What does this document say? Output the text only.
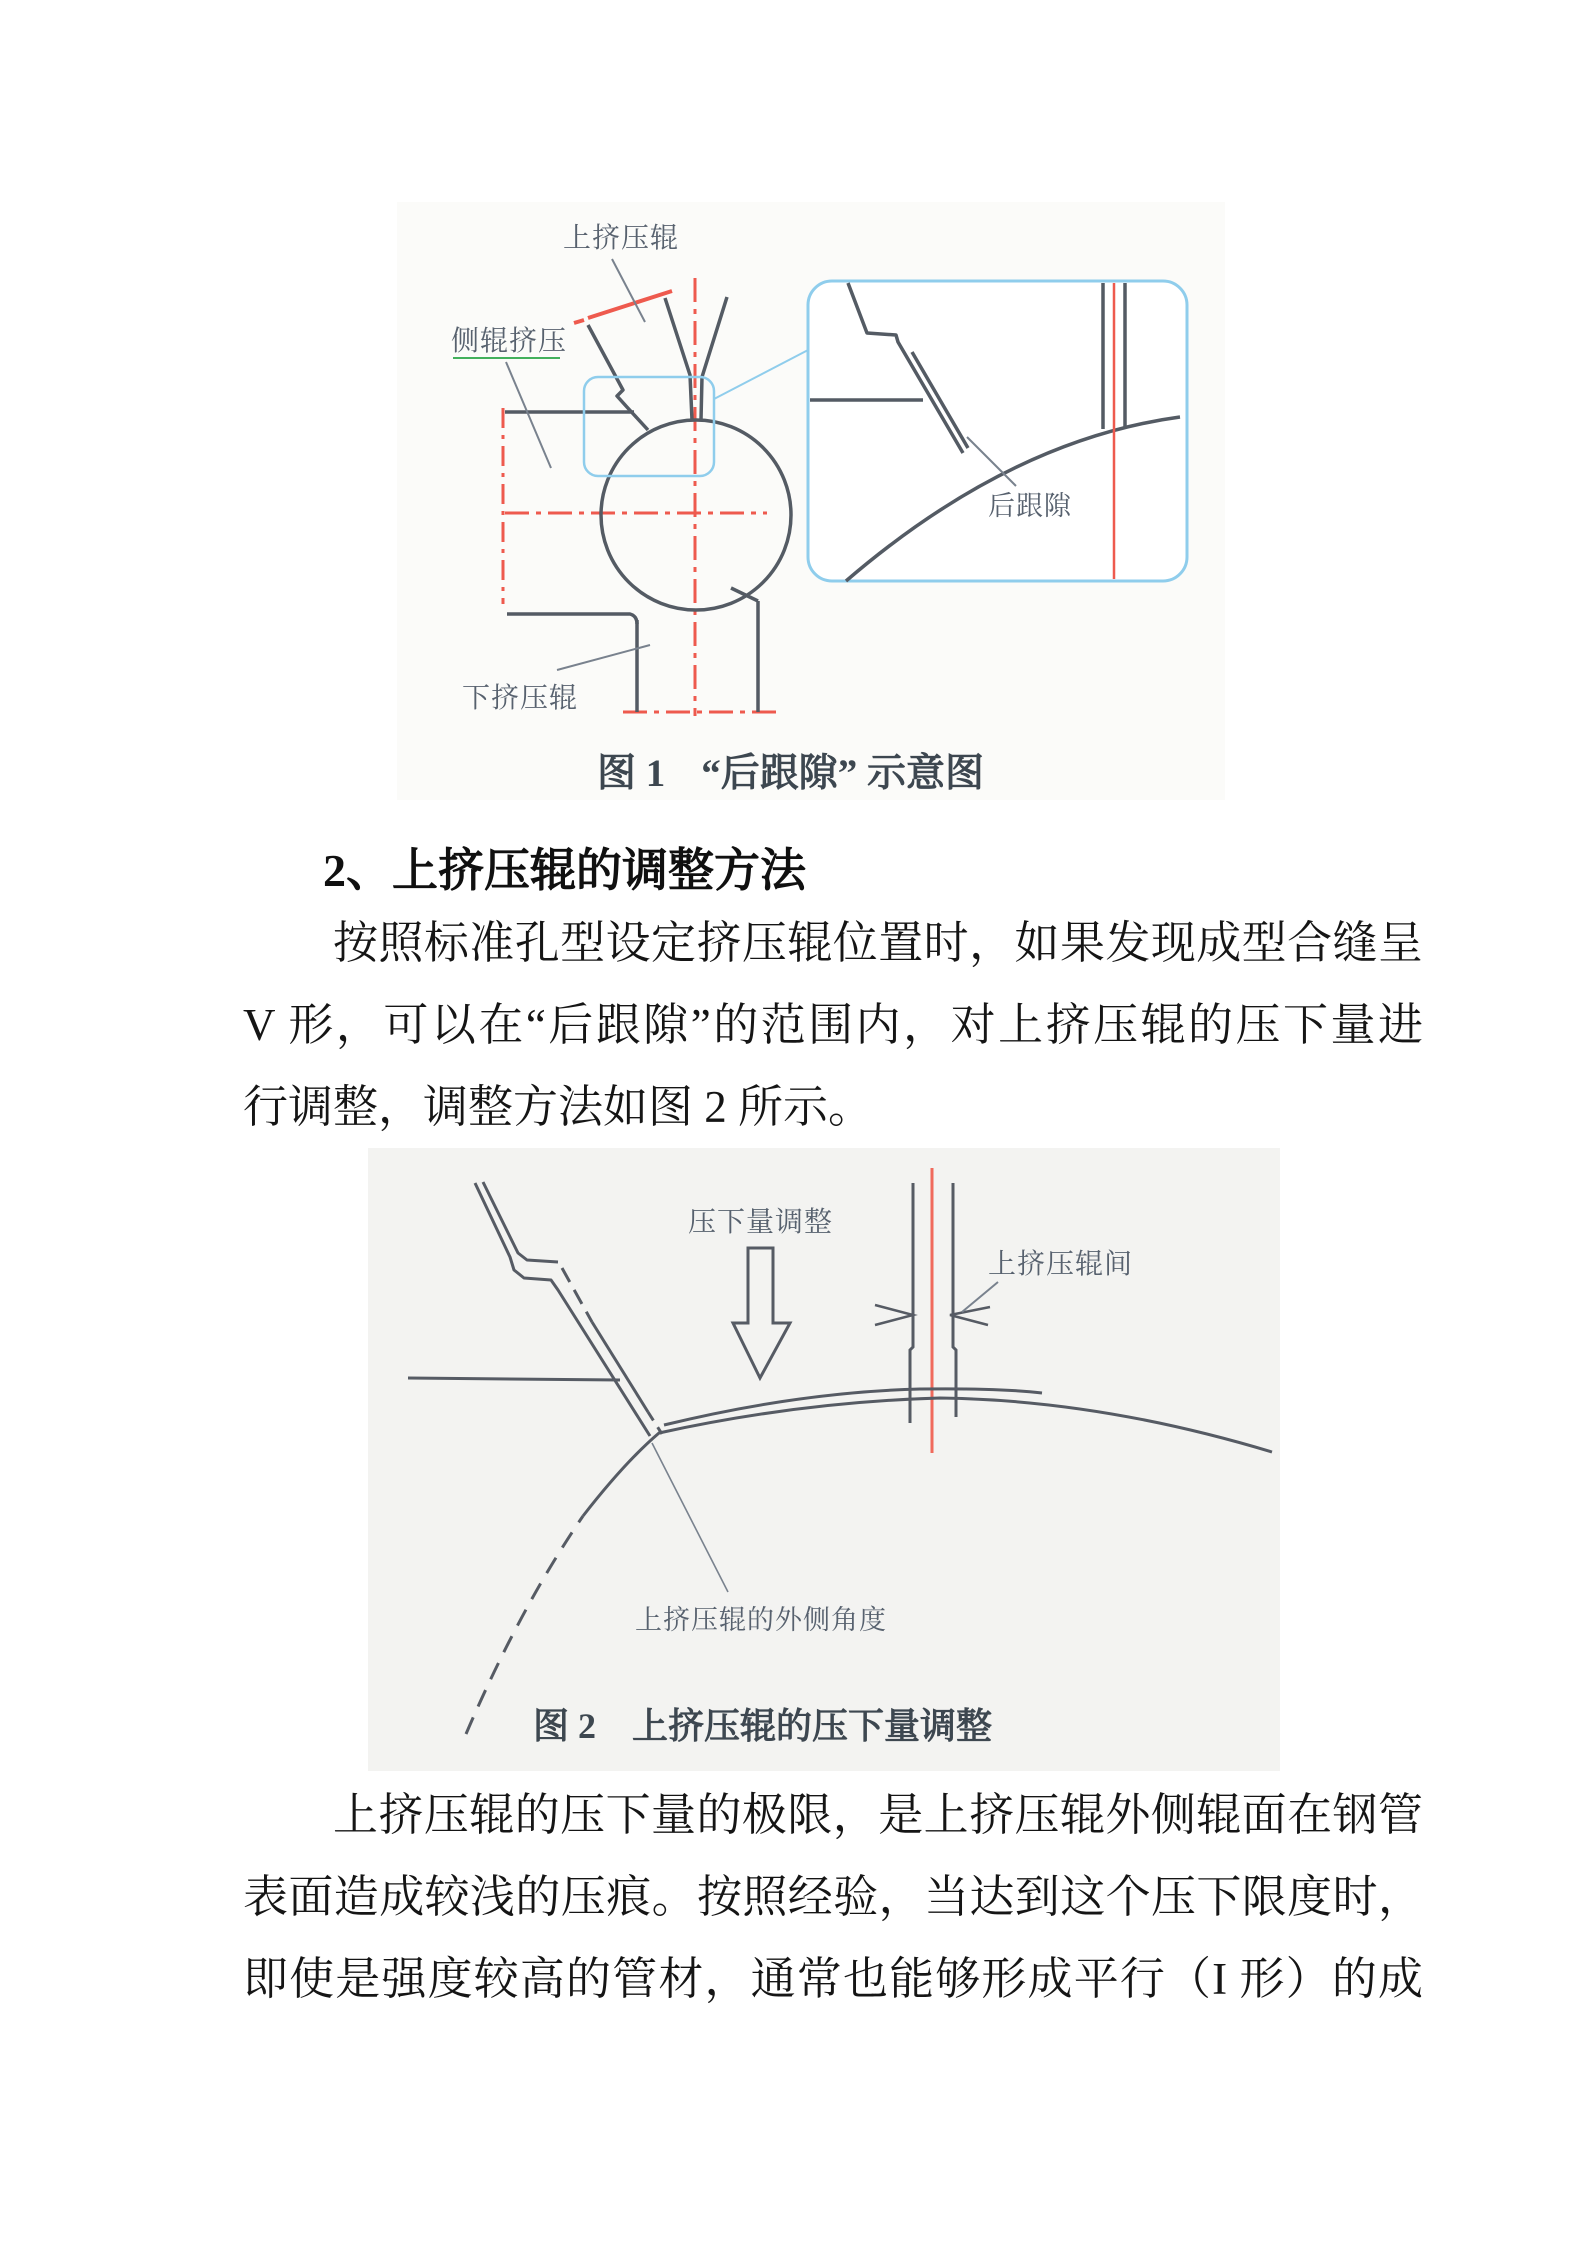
上挤压辊
侧辊挤压
下挤压辊
后跟隙
图 1 “后跟隙” 示意图
2、上挤压辊的调整方法
按照标准孔型设定挤压辊位置时，如果发现成型合缝呈
V 形，可以在“后跟隙”的范围内，对上挤压辊的压下量进
行调整，调整方法如图 2 所示。
压下量调整
上挤压辊间
上挤压辊的外侧角度
图 2 上挤压辊的压下量调整
上挤压辊的压下量的极限，是上挤压辊外侧辊面在钢管
表面造成较浅的压痕。按照经验，当达到这个压下限度时，
即使是强度较高的管材，通常也能够形成平行（I 形）的成
